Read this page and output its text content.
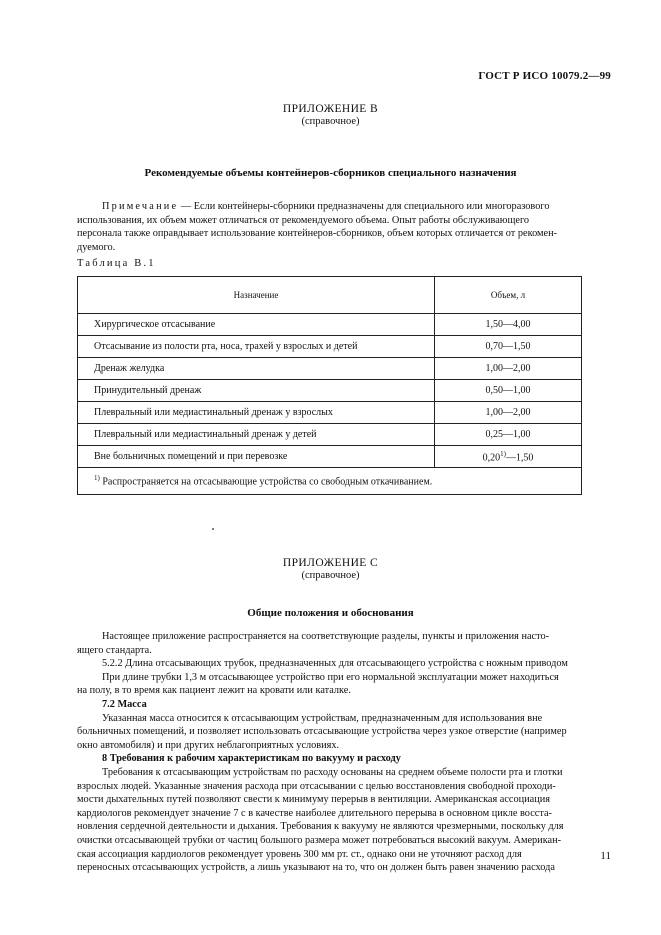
ГОСТ Р ИСО 10079.2—99
ПРИЛОЖЕНИЕ В
(справочное)
Рекомендуемые объемы контейнеров-сборников специального назначения
Примечание — Если контейнеры-сборники предназначены для специального или многоразового
использования, их объем может отличаться от рекомендуемого объема. Опыт работы обслуживающего
персонала также оправдывает использование контейнеров-сборников, объем которых отличается от рекомен-
дуемого.
Таблица В.1
Назначение	Объем, л
Хирургическое отсасывание	1,50—4,00
Отсасывание из полости рта, носа, трахей у взрослых и детей	0,70—1,50
Дренаж желудка	1,00—2,00
Принудительный дренаж	0,50—1,00
Плевральный или медиастинальный дренаж у взрослых	1,00—2,00
Плевральный или медиастинальный дренаж у детей	0,25—1,00
Вне больничных помещений и при перевозке	0,20$^{1)}$—1,50
$^{1)}$ Распространяется на отсасывающие устройства со свободным откачиванием.	
ПРИЛОЖЕНИЕ С
(справочное)
Общие положения и обоснования
Настоящее приложение распространяется на соответствующие разделы, пункты и приложения насто-
ящего стандарта.
5.2.2 Длина отсасывающих трубок, предназначенных для отсасывающего устройства с ножным приводом
При длине трубки 1,3 м отсасывающее устройство при его нормальной эксплуатации может находиться
на полу, в то время как пациент лежит на кровати или каталке.
7.2 Масса
Указанная масса относится к отсасывающим устройствам, предназначенным для использования вне
больничных помещений, и позволяет использовать отсасывающие устройства через узкое отверстие (например
окно автомобиля) и при других неблагоприятных условиях.
8 Требования к рабочим характеристикам по вакууму и расходу
Требования к отсасывающим устройствам по расходу основаны на среднем объеме полости рта и глотки
взрослых людей. Указанные значения расхода при отсасывании с целью восстановления свободной проходи-
мости дыхательных путей позволяют свести к минимуму перерыв в вентиляции. Американская ассоциация
кардиологов рекомендует значение 7 с в качестве наиболее длительного перерыва в основном цикле восста-
новления сердечной деятельности и дыхания. Требования к вакууму не являются чрезмерными, поскольку для
очистки отсасывающей трубки от частиц большого размера может потребоваться высокий вакуум. Американ-
ская ассоциация кардиологов рекомендует уровень 300 мм рт. ст., однако они не уточняют расход для
переносных отсасывающих устройств, а лишь указывают на то, что он должен быть равен значению расхода
11
